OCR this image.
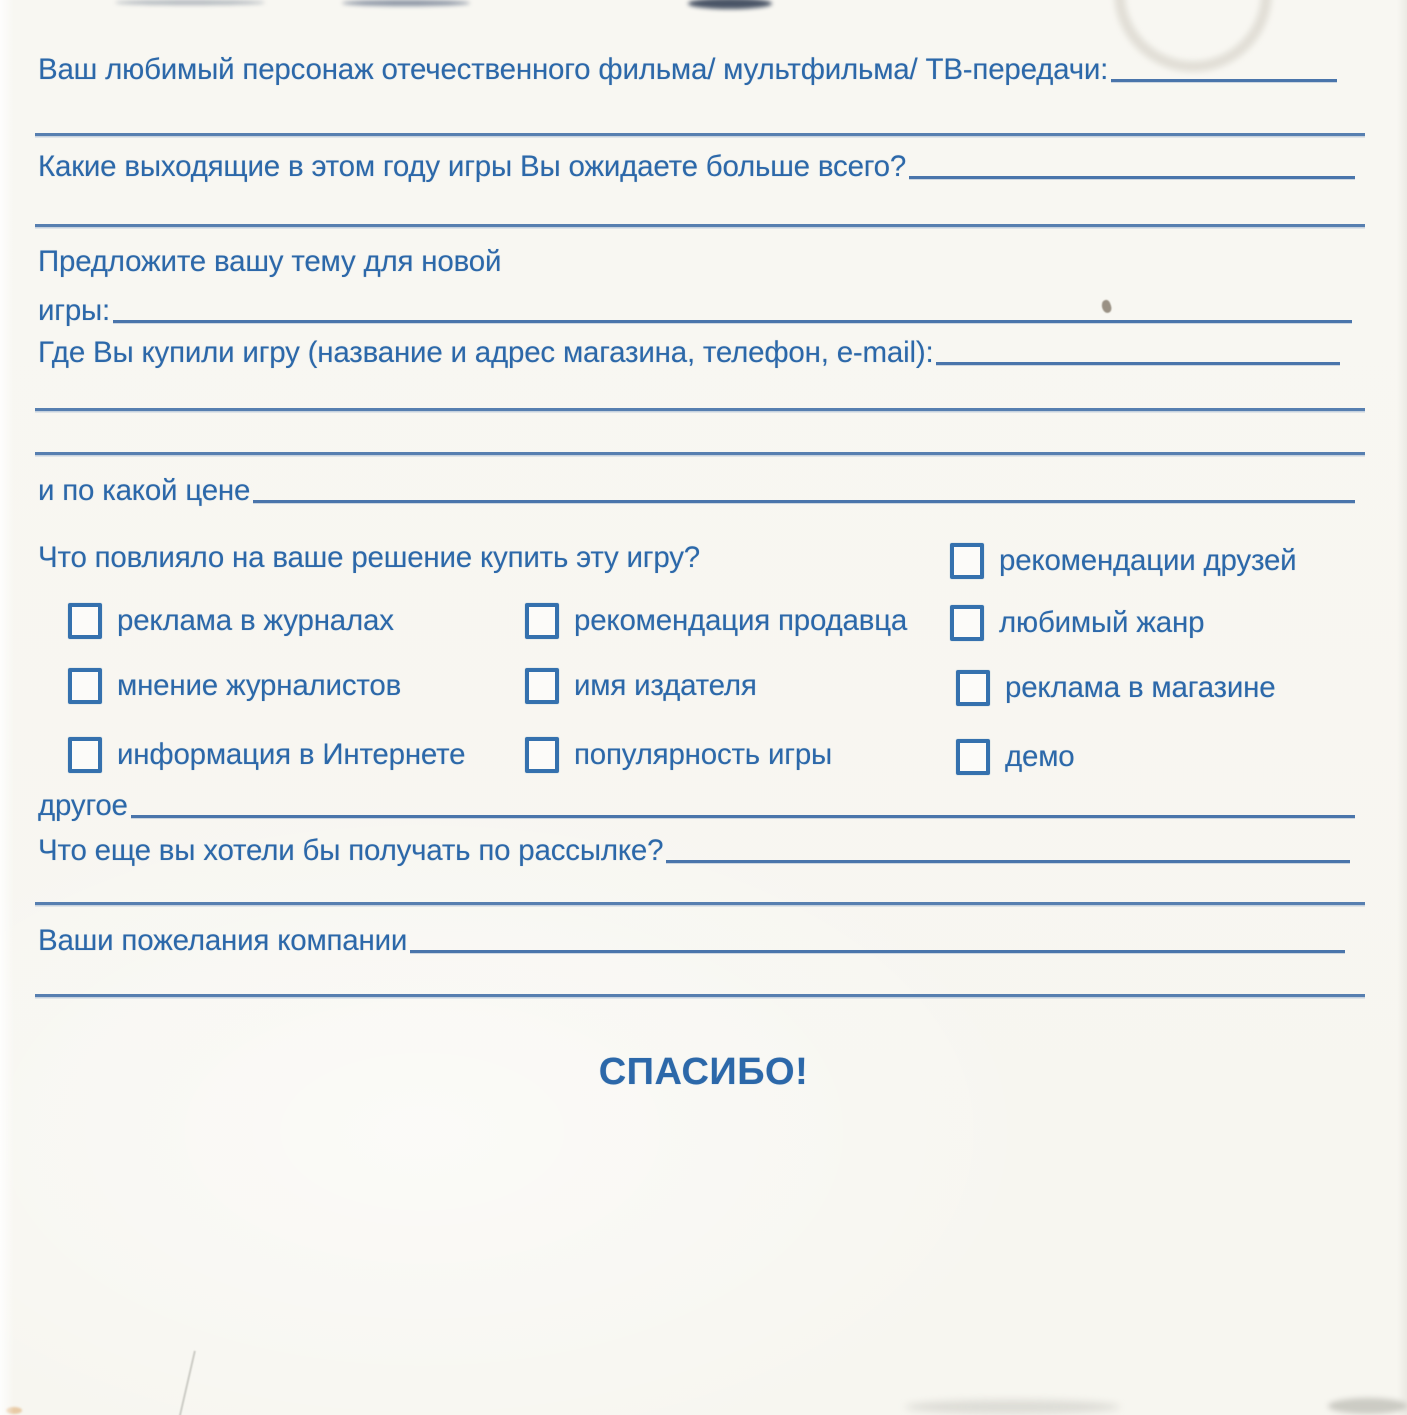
Ваш любимый персонаж отечественного фильма/ мультфильма/ ТВ-передачи:
Какие выходящие в этом году игры Вы ожидаете больше всего?
Предложите вашу тему для новой
игры:
Где Вы купили игру (название и адрес магазина, телефон, e-mail):
и по какой цене
Что повлияло на ваше решение купить эту игру?	рекомендации друзей
реклама в журналах	рекомендация продавца	любимый жанр
мнение журналистов	имя издателя	реклама в магазине
информация в Интернете	популярность игры	демо
другое
Что еще вы хотели бы получать по рассылке?
Ваши пожелания компании
СПАСИБО!
